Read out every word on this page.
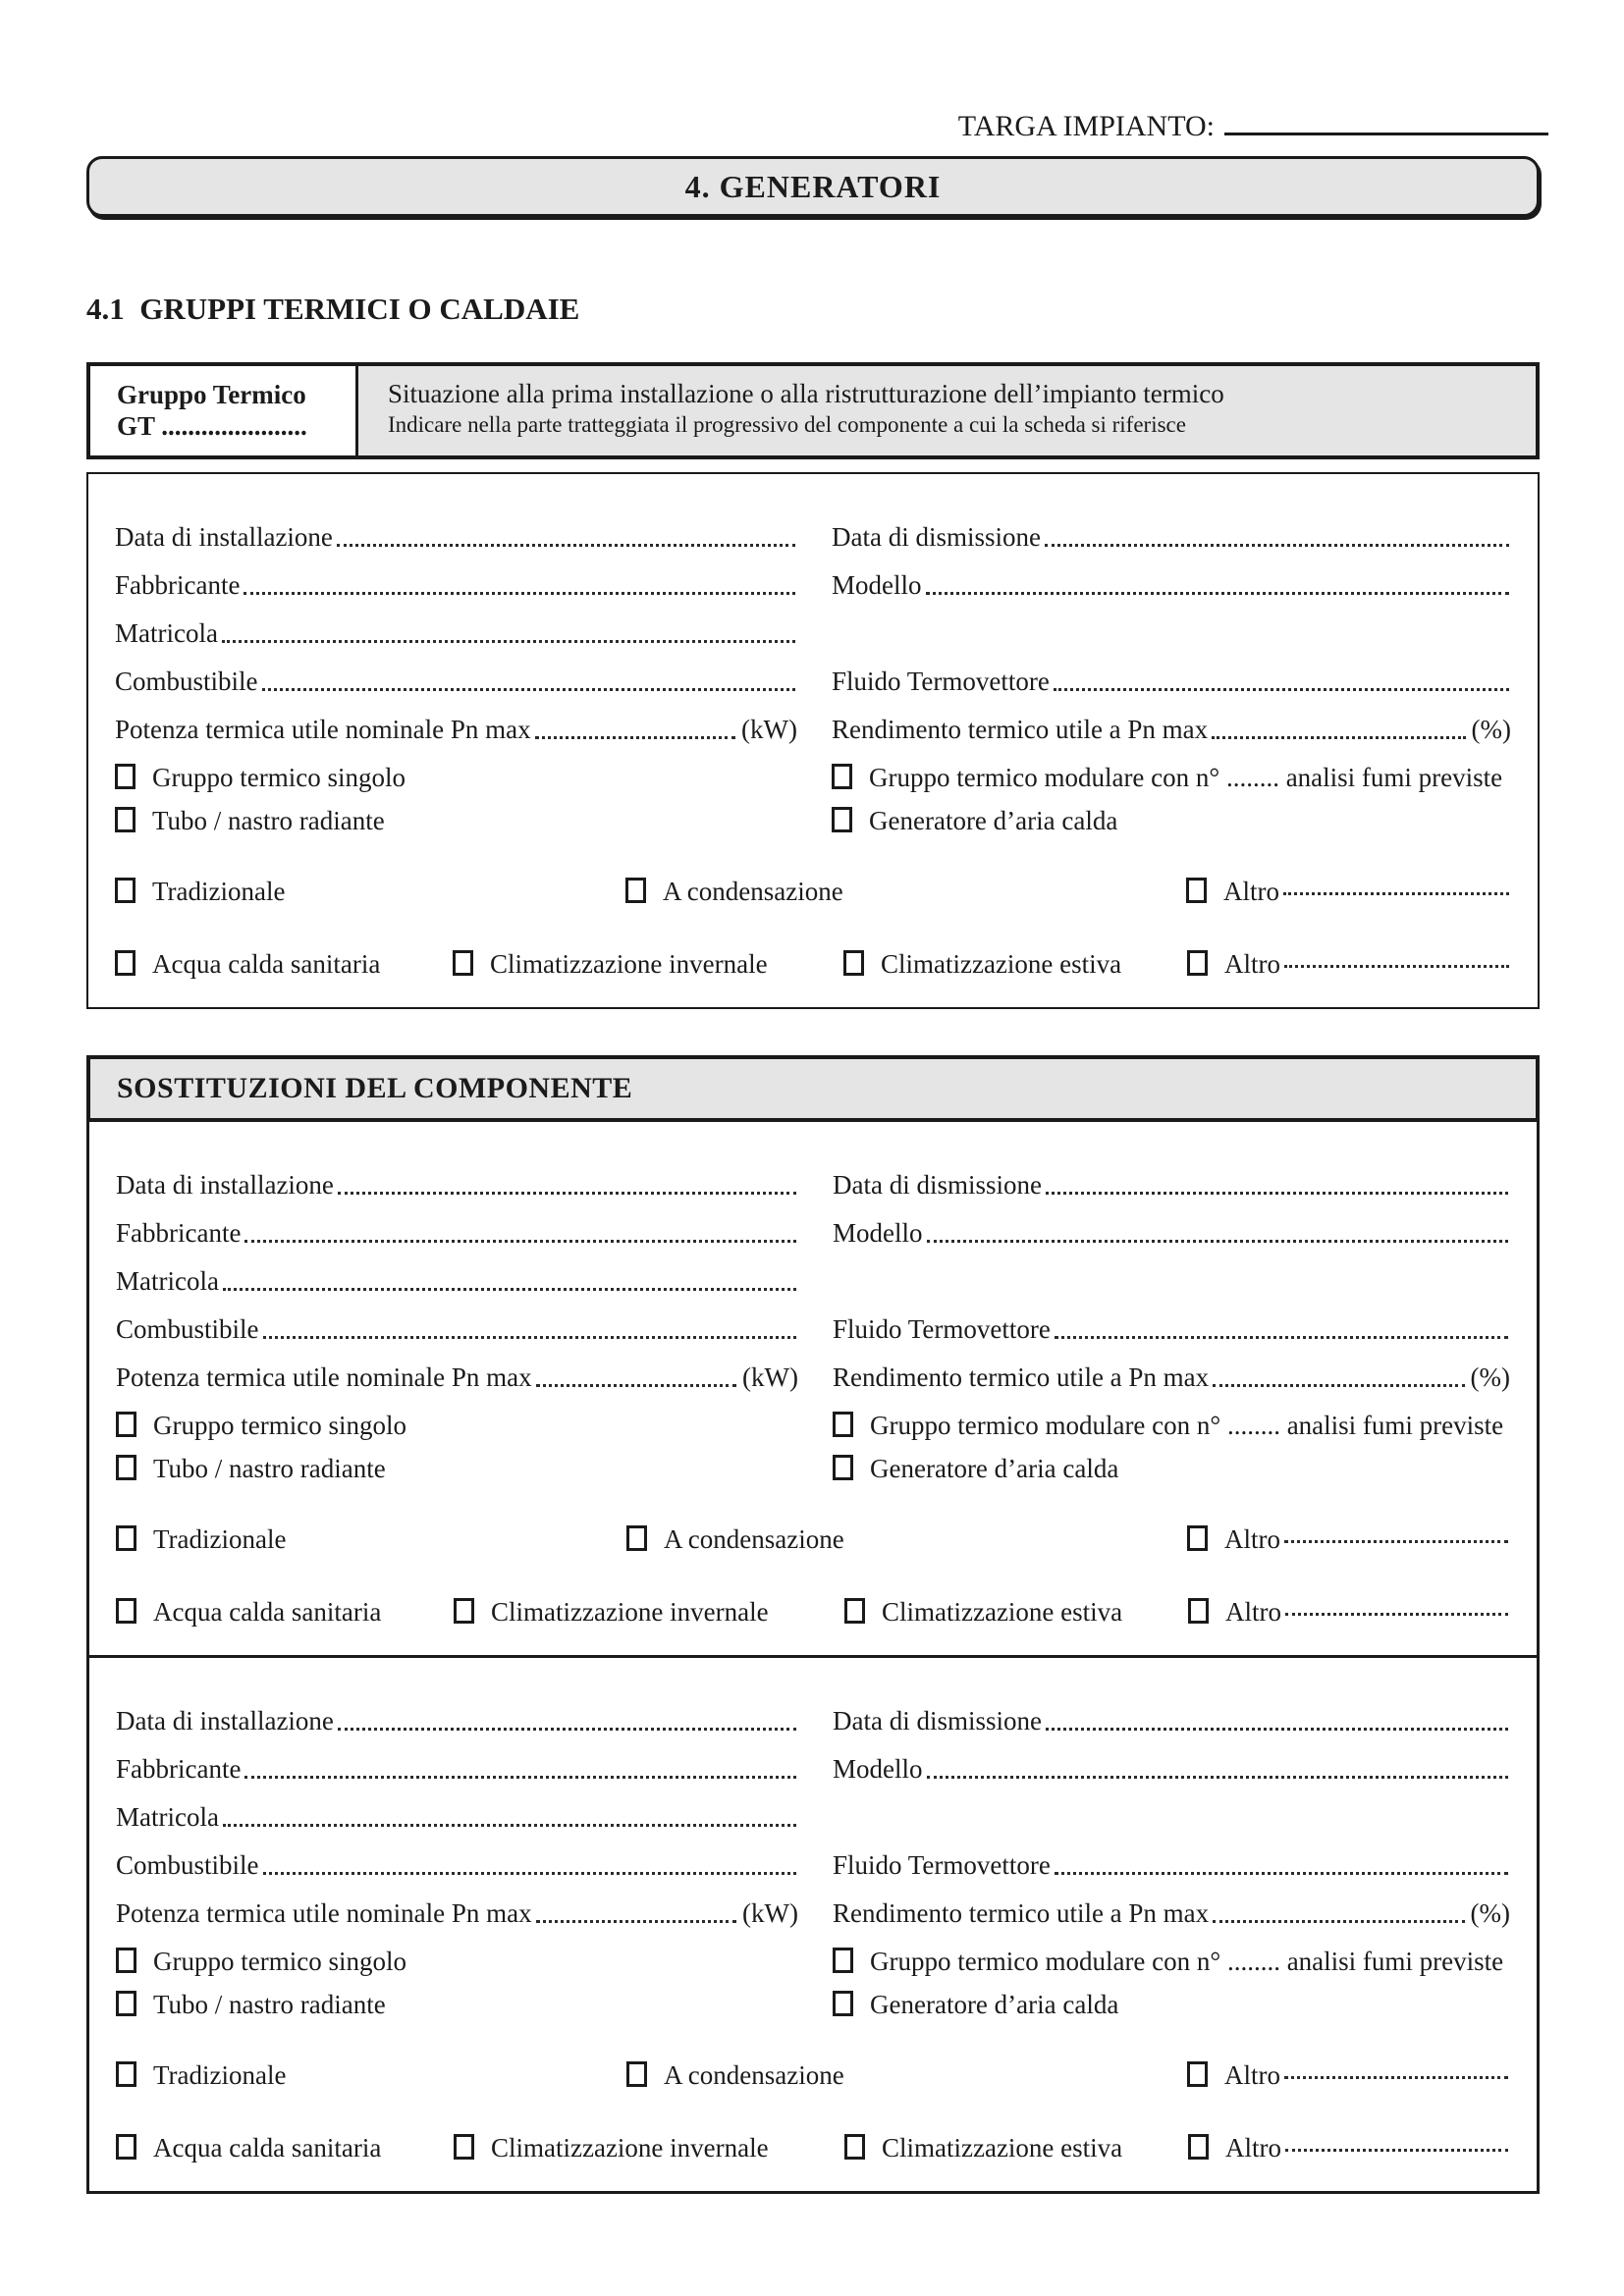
TARGA IMPIANTO:
4. GENERATORI
4.1  GRUPPI TERMICI O CALDAIE
Gruppo Termico
GT ......................
Situazione alla prima installazione o alla ristrutturazione dell’impianto termico
Indicare nella parte tratteggiata il progressivo del componente a cui la scheda si riferisce
Data di installazione	Data di dismissione
Fabbricante	Modello
Matricola
Combustibile	Fluido Termovettore
Potenza termica utile nominale Pn max	(kW) Rendimento termico utile a Pn max	(%)
Gruppo termico singolo	Gruppo termico modulare con n° ........ analisi fumi previste
Tubo / nastro radiante	Generatore d’aria calda
Tradizionale	A condensazione	Altro
Acqua calda sanitaria	Climatizzazione invernale	Climatizzazione estiva	Altro
SOSTITUZIONI DEL COMPONENTE
Data di installazione	Data di dismissione
Fabbricante	Modello
Matricola
Combustibile	Fluido Termovettore
Potenza termica utile nominale Pn max	(kW) Rendimento termico utile a Pn max	(%)
Gruppo termico singolo	Gruppo termico modulare con n° ........ analisi fumi previste
Tubo / nastro radiante	Generatore d’aria calda
Tradizionale	A condensazione	Altro
Acqua calda sanitaria	Climatizzazione invernale	Climatizzazione estiva	Altro
Data di installazione	Data di dismissione
Fabbricante	Modello
Matricola
Combustibile	Fluido Termovettore
Potenza termica utile nominale Pn max	(kW) Rendimento termico utile a Pn max	(%)
Gruppo termico singolo	Gruppo termico modulare con n° ........ analisi fumi previste
Tubo / nastro radiante	Generatore d’aria calda
Tradizionale	A condensazione	Altro
Acqua calda sanitaria	Climatizzazione invernale	Climatizzazione estiva	Altro
